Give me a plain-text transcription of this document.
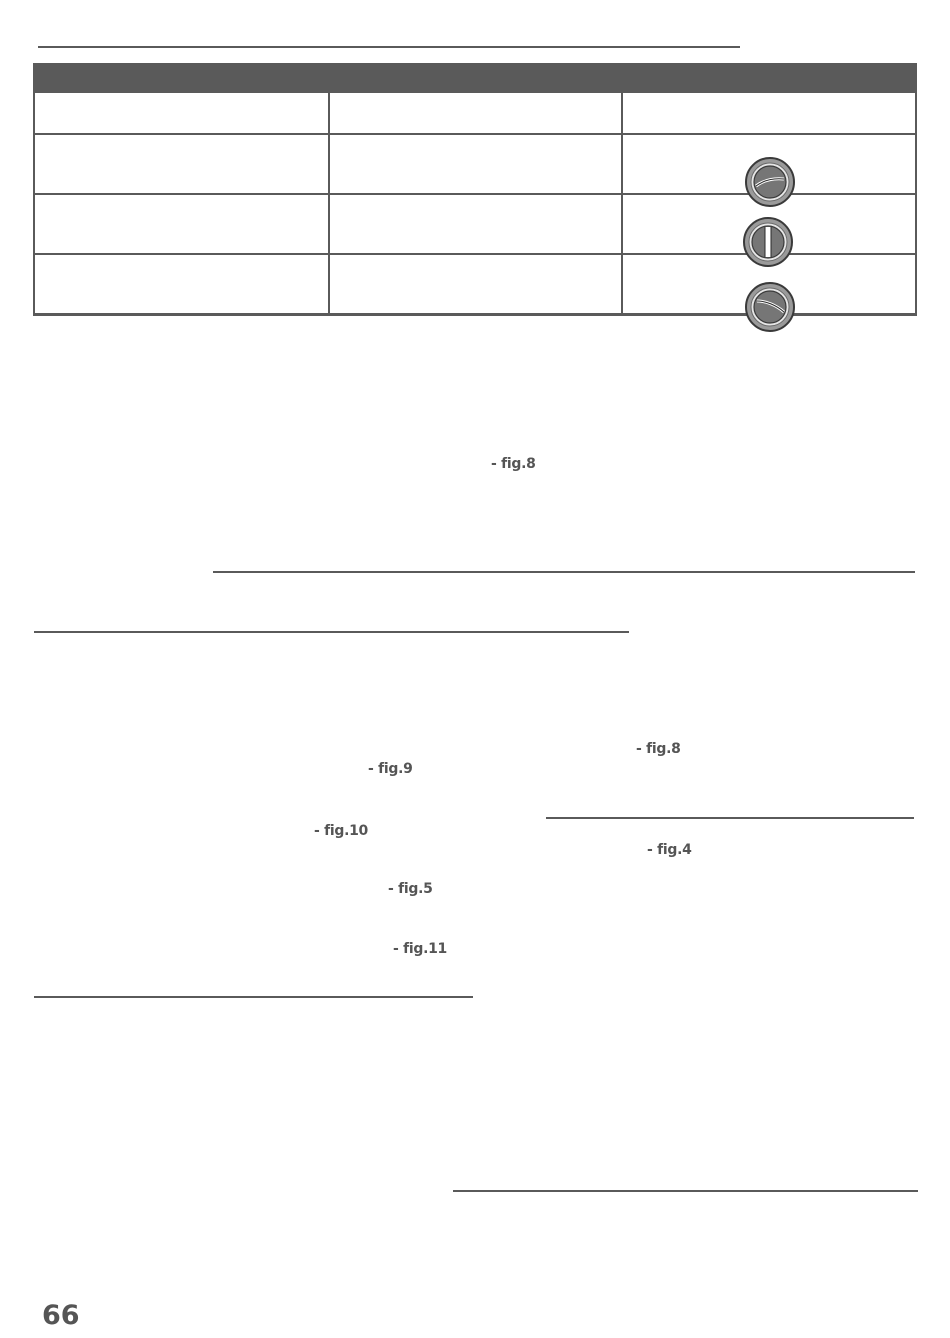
- fig.8
- fig.8
- fig.9
- fig.10
- fig.4
- fig.5
- fig.11
66
